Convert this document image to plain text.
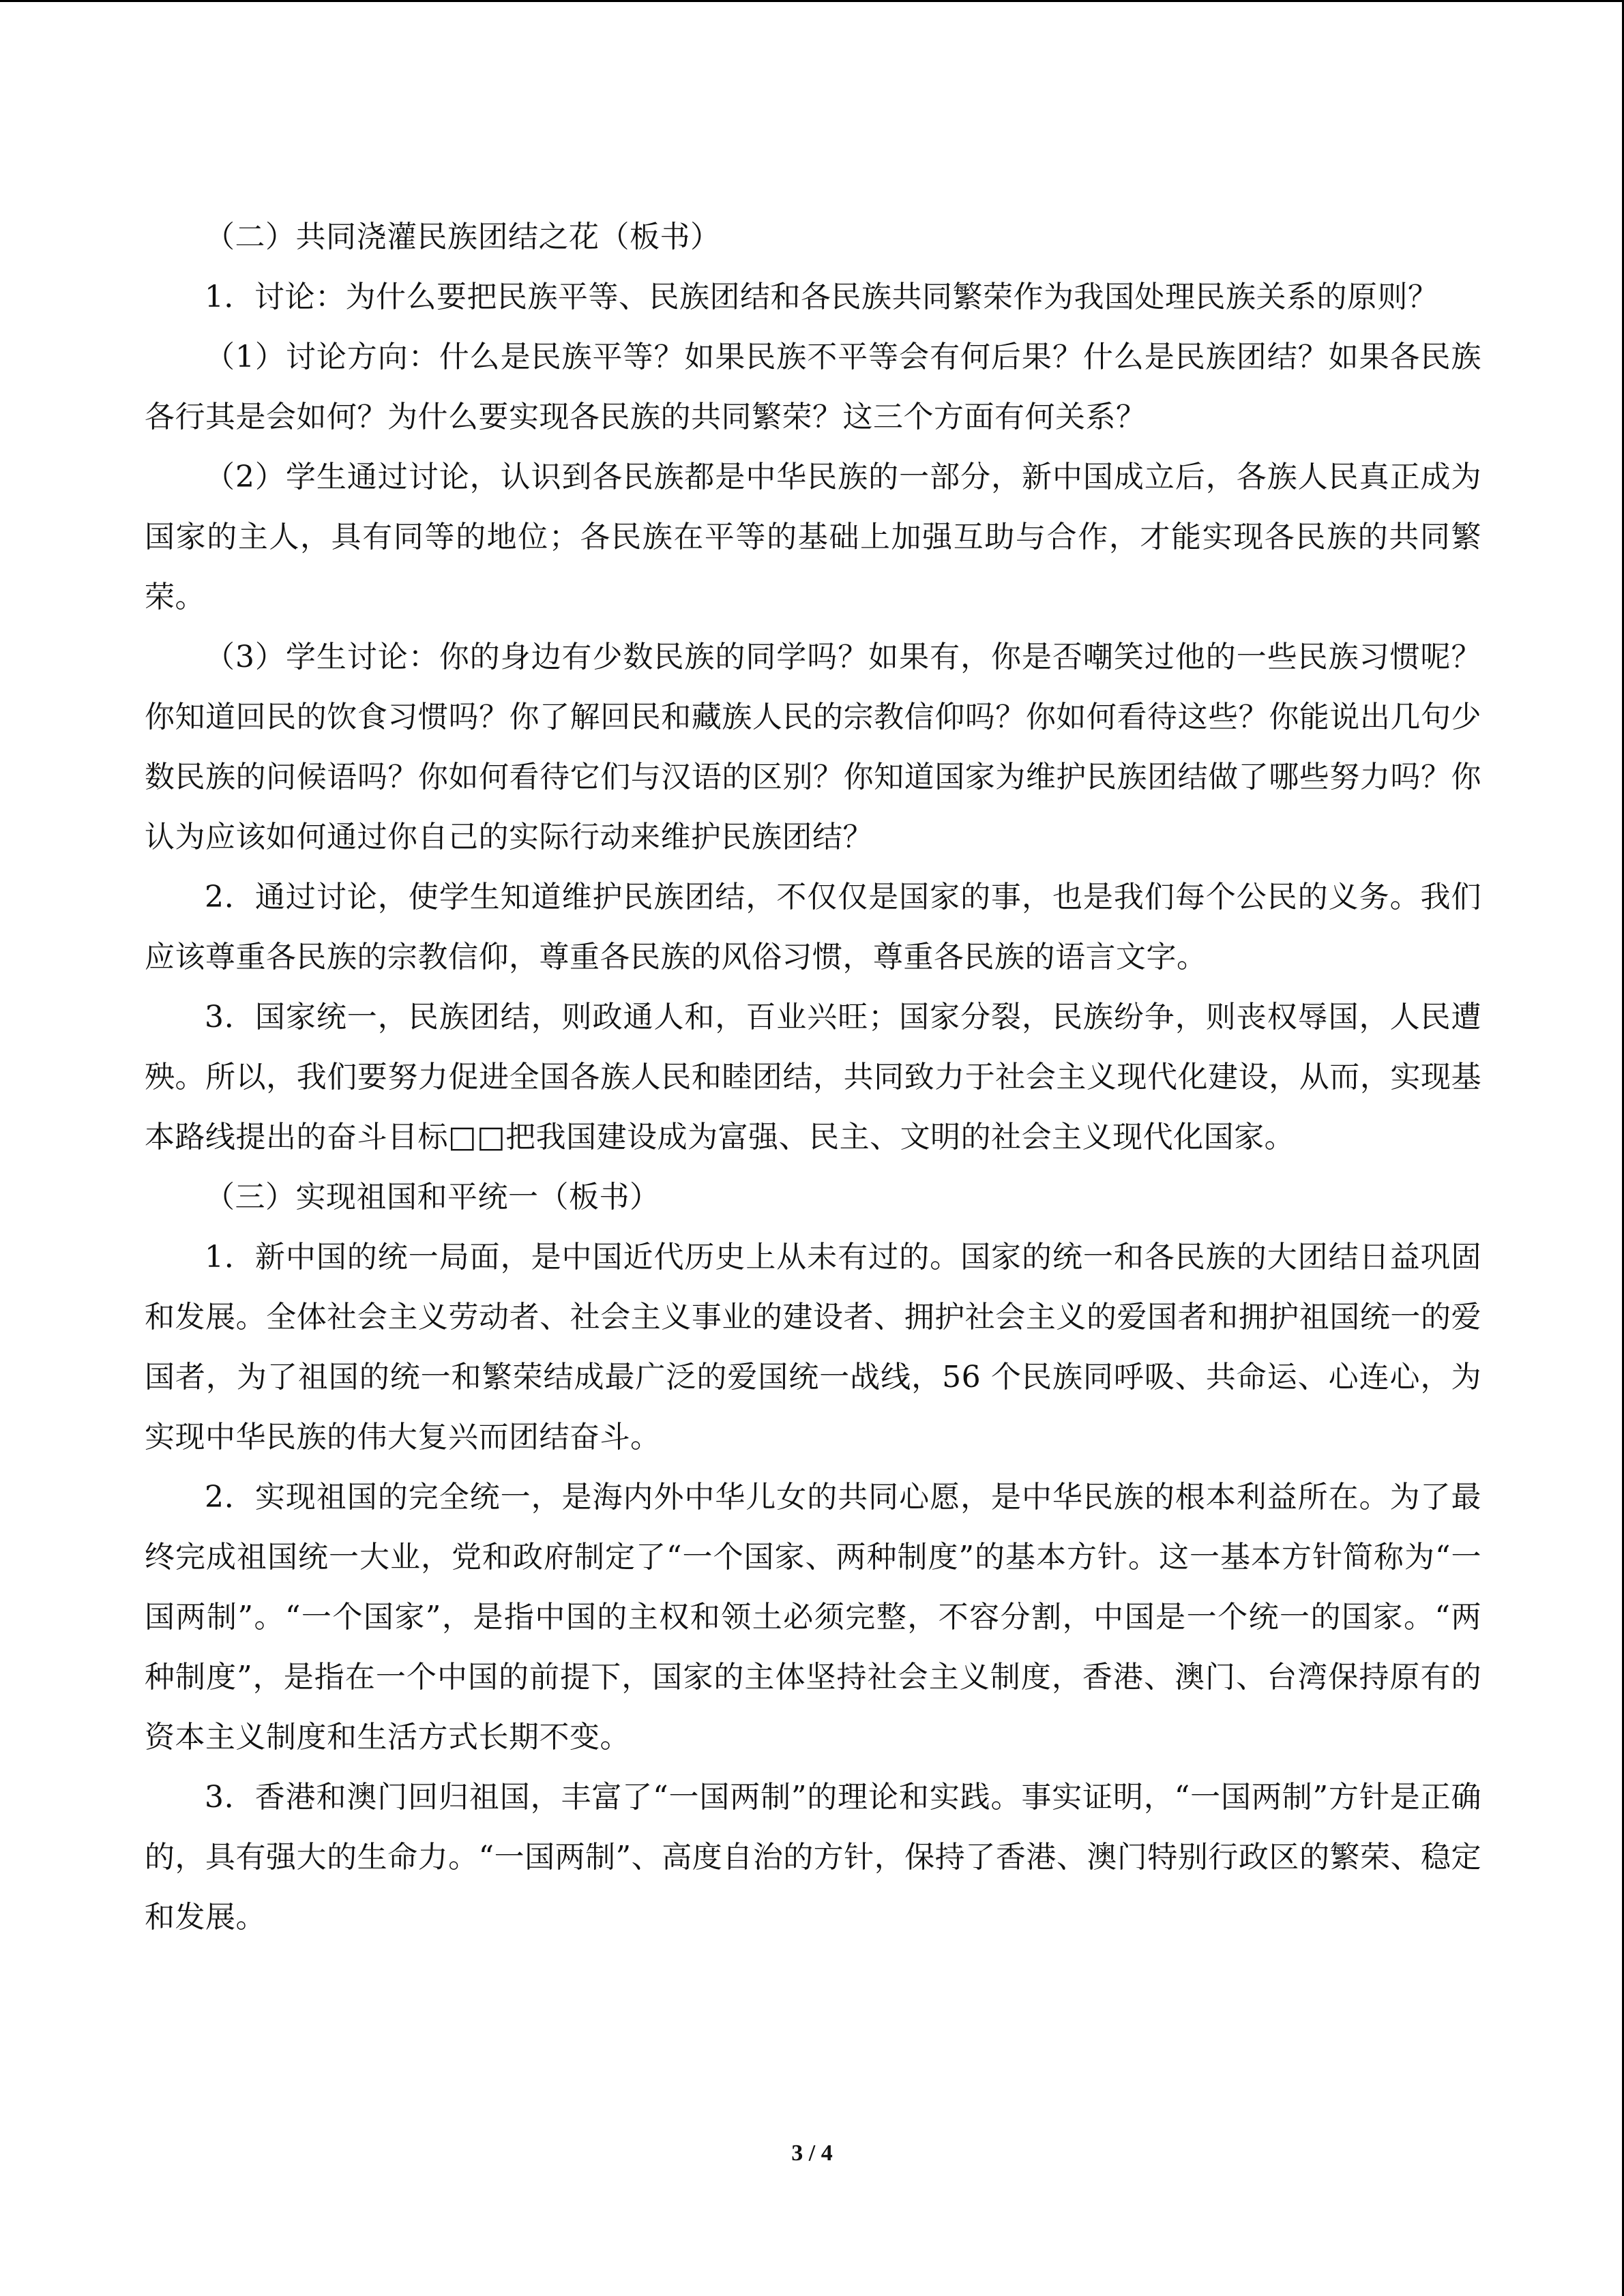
（二）共同浇灌民族团结之花（板书）

1．讨论：为什么要把民族平等、民族团结和各民族共同繁荣作为我国处理民族关系的原则？

（1）讨论方向：什么是民族平等？如果民族不平等会有何后果？什么是民族团结？如果各民族各行其是会如何？为什么要实现各民族的共同繁荣？这三个方面有何关系？

（2）学生通过讨论，认识到各民族都是中华民族的一部分，新中国成立后，各族人民真正成为国家的主人，具有同等的地位；各民族在平等的基础上加强互助与合作，才能实现各民族的共同繁荣。

（3）学生讨论：你的身边有少数民族的同学吗？如果有，你是否嘲笑过他的一些民族习惯呢？你知道回民的饮食习惯吗？你了解回民和藏族人民的宗教信仰吗？你如何看待这些？你能说出几句少数民族的问候语吗？你如何看待它们与汉语的区别？你知道国家为维护民族团结做了哪些努力吗？你认为应该如何通过你自己的实际行动来维护民族团结？

2．通过讨论，使学生知道维护民族团结，不仅仅是国家的事，也是我们每个公民的义务。我们应该尊重各民族的宗教信仰，尊重各民族的风俗习惯，尊重各民族的语言文字。

3．国家统一，民族团结，则政通人和，百业兴旺；国家分裂，民族纷争，则丧权辱国，人民遭殃。所以，我们要努力促进全国各族人民和睦团结，共同致力于社会主义现代化建设，从而，实现基本路线提出的奋斗目标□□把我国建设成为富强、民主、文明的社会主义现代化国家。

（三）实现祖国和平统一（板书）

1．新中国的统一局面，是中国近代历史上从未有过的。国家的统一和各民族的大团结日益巩固和发展。全体社会主义劳动者、社会主义事业的建设者、拥护社会主义的爱国者和拥护祖国统一的爱国者，为了祖国的统一和繁荣结成最广泛的爱国统一战线，56 个民族同呼吸、共命运、心连心，为实现中华民族的伟大复兴而团结奋斗。

2．实现祖国的完全统一，是海内外中华儿女的共同心愿，是中华民族的根本利益所在。为了最终完成祖国统一大业，党和政府制定了“一个国家、两种制度”的基本方针。这一基本方针简称为“一国两制”。“一个国家”，是指中国的主权和领土必须完整，不容分割，中国是一个统一的国家。“两种制度”，是指在一个中国的前提下，国家的主体坚持社会主义制度，香港、澳门、台湾保持原有的资本主义制度和生活方式长期不变。

3．香港和澳门回归祖国，丰富了“一国两制”的理论和实践。事实证明，“一国两制”方针是正确的，具有强大的生命力。“一国两制”、高度自治的方针，保持了香港、澳门特别行政区的繁荣、稳定和发展。

3 / 4
